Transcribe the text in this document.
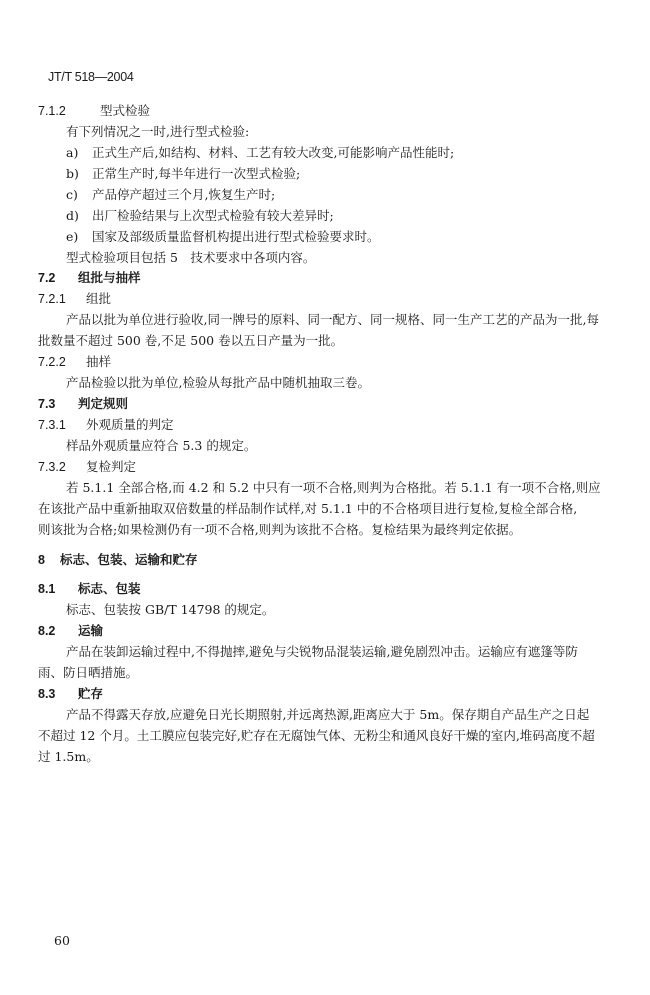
JT/T 518—2004
7.1.2	型式检验
有下列情况之一时,进行型式检验:
a) 正式生产后,如结构、材料、工艺有较大改变,可能影响产品性能时;
b) 正常生产时,每半年进行一次型式检验;
c) 产品停产超过三个月,恢复生产时;
d) 出厂检验结果与上次型式检验有较大差异时;
e) 国家及部级质量监督机构提出进行型式检验要求时。
型式检验项目包括 5　技术要求中各项内容。
7.2 组批与抽样
7.2.1 组批
产品以批为单位进行验收,同一牌号的原料、同一配方、同一规格、同一生产工艺的产品为一批,每
批数量不超过 500 卷,不足 500 卷以五日产量为一批。
7.2.2 抽样
产品检验以批为单位,检验从每批产品中随机抽取三卷。
7.3 判定规则
7.3.1 外观质量的判定
样品外观质量应符合 5.3 的规定。
7.3.2 复检判定
若 5.1.1 全部合格,而 4.2 和 5.2 中只有一项不合格,则判为合格批。若 5.1.1 有一项不合格,则应
在该批产品中重新抽取双倍数量的样品制作试样,对 5.1.1 中的不合格项目进行复检,复检全部合格,
则该批为合格;如果检测仍有一项不合格,则判为该批不合格。复检结果为最终判定依据。
8 标志、包装、运输和贮存
8.1 标志、包装
标志、包装按 GB/T 14798 的规定。
8.2 运输
产品在装卸运输过程中,不得抛摔,避免与尖锐物品混装运输,避免剧烈冲击。运输应有遮篷等防
雨、防日晒措施。
8.3 贮存
产品不得露天存放,应避免日光长期照射,并远离热源,距离应大于 5m。保存期自产品生产之日起
不超过 12 个月。土工膜应包装完好,贮存在无腐蚀气体、无粉尘和通风良好干燥的室内,堆码高度不超
过 1.5m。
60
